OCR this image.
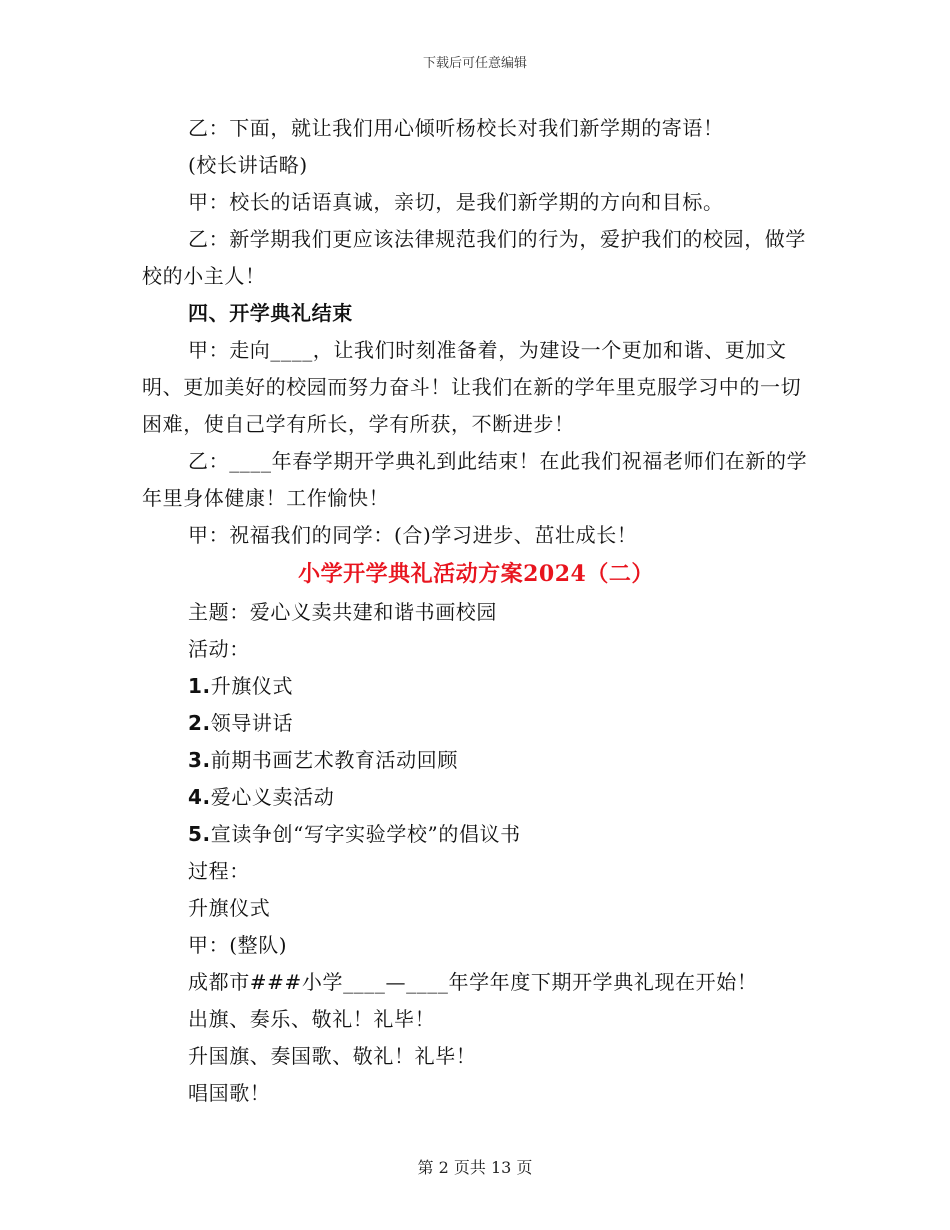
下载后可任意编辑

乙：下面，就让我们用心倾听杨校长对我们新学期的寄语！

(校长讲话略)

甲：校长的话语真诚，亲切，是我们新学期的方向和目标。

乙：新学期我们更应该法律规范我们的行为，爱护我们的校园，做学校的小主人！

四、开学典礼结束

甲：走向____，让我们时刻准备着，为建设一个更加和谐、更加文明、更加美好的校园而努力奋斗！让我们在新的学年里克服学习中的一切困难，使自己学有所长，学有所获，不断进步！

乙：____年春学期开学典礼到此结束！在此我们祝福老师们在新的学年里身体健康！工作愉快！

甲：祝福我们的同学：(合)学习进步、茁壮成长！

小学开学典礼活动方案2024（二）

主题：爱心义卖共建和谐书画校园

活动：

1.升旗仪式

2.领导讲话

3.前期书画艺术教育活动回顾

4.爱心义卖活动

5.宣读争创“写字实验学校”的倡议书

过程：

升旗仪式

甲：(整队)

成都市###小学____—____年学年度下期开学典礼现在开始！

出旗、奏乐、敬礼！礼毕！

升国旗、奏国歌、敬礼！礼毕！

唱国歌！

第 2 页共 13 页
